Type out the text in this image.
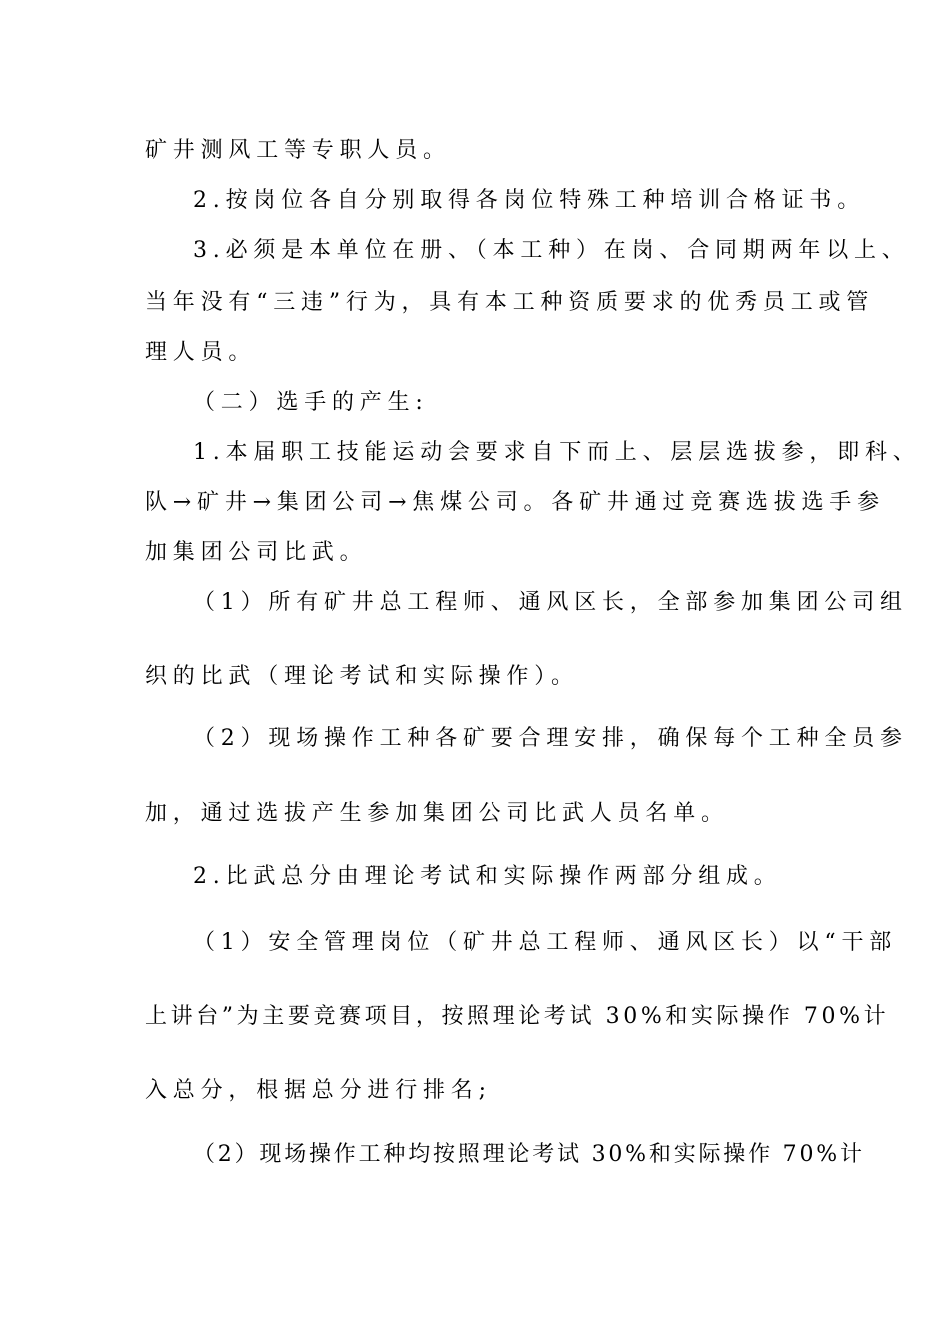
矿井测风工等专职人员。
2.按岗位各自分别取得各岗位特殊工种培训合格证书。
3.必须是本单位在册、（本工种）在岗、合同期两年以上、
当年没有“三违”行为，具有本工种资质要求的优秀员工或管
理人员。
（二）选手的产生:
1.本届职工技能运动会要求自下而上、层层选拔参，即科、
队→矿井→集团公司→焦煤公司。各矿井通过竞赛选拔选手参
加集团公司比武。
（1）所有矿井总工程师、通风区长，全部参加集团公司组
织的比武（理论考试和实际操作）。
（2）现场操作工种各矿要合理安排，确保每个工种全员参
加，通过选拔产生参加集团公司比武人员名单。
2.比武总分由理论考试和实际操作两部分组成。
（1）安全管理岗位（矿井总工程师、通风区长）以“干部
上讲台”为主要竞赛项目，按照理论考试 30%和实际操作 70%计
入总分，根据总分进行排名;
（2）现场操作工种均按照理论考试 30%和实际操作 70%计
